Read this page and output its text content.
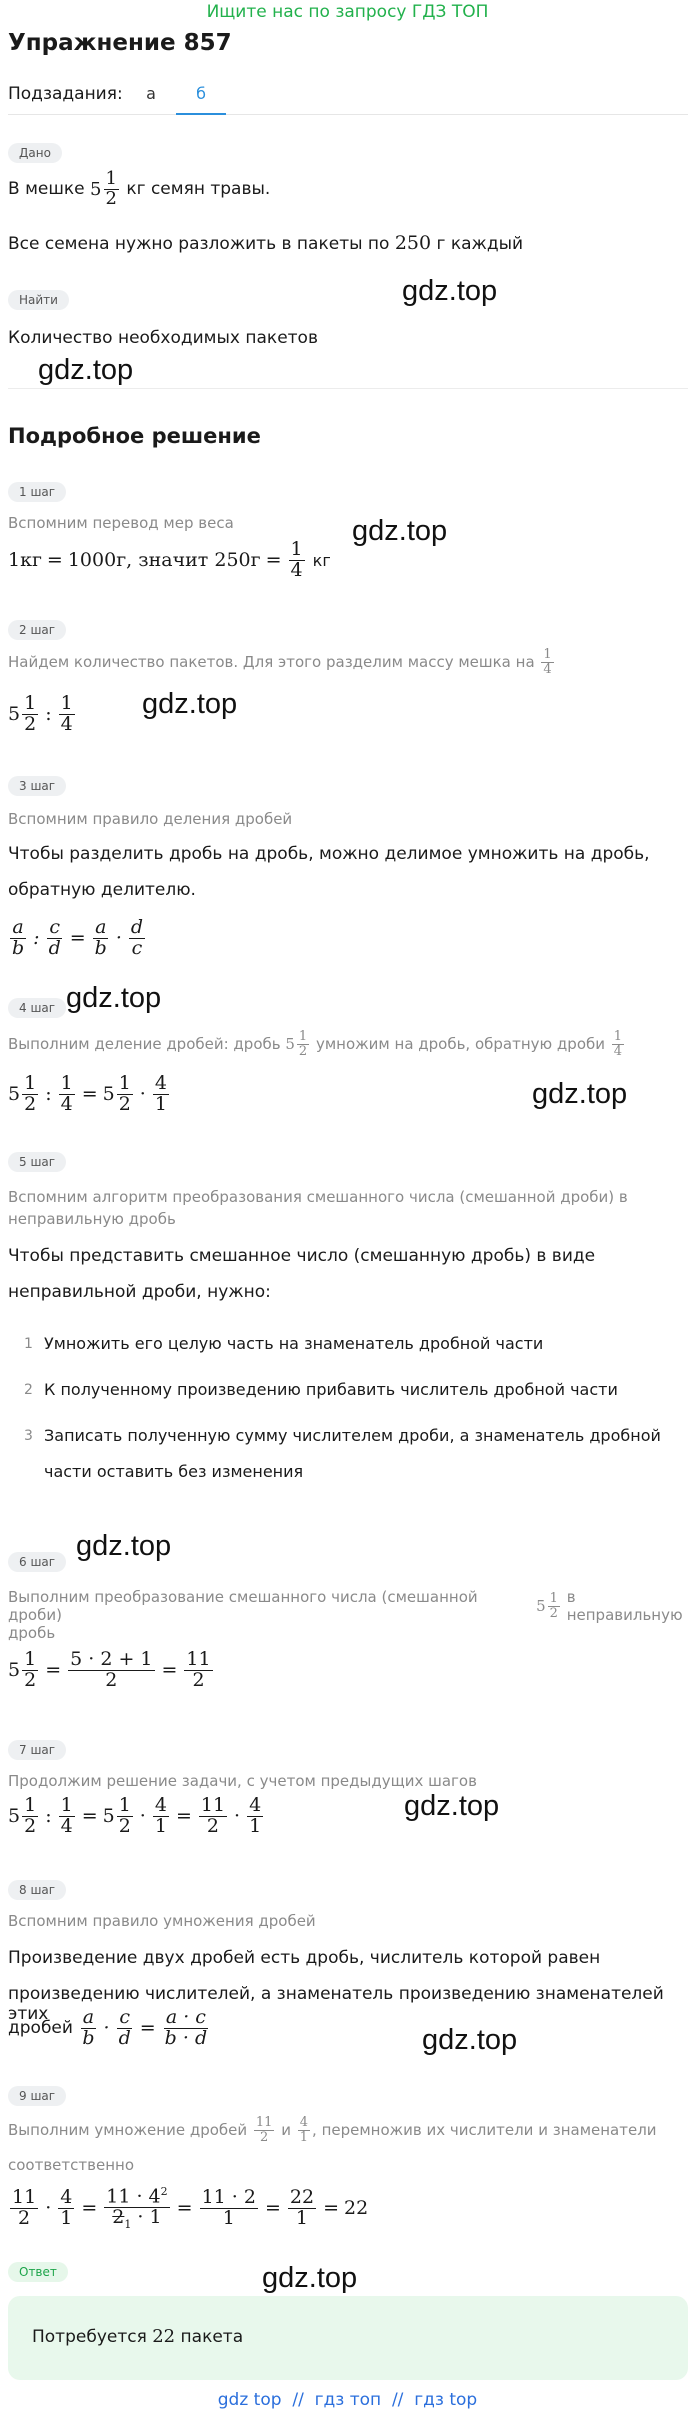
Ищите нас по запросу ГДЗ ТОП
Упражнение 857
Подзадания:	а	б
Дано
В мешке
$5 \frac{1}{2}$
кг семян травы.
Все семена нужно разложить в пакеты по 250 г каждый
Найти
Количество необходимых пакетов
gdz.top
gdz.top
Подробное решение
1 шаг
Вспомним перевод мер веса
1кг = 1000г, значит
$250г = \frac{1}{4}$
кг
gdz.top
2 шаг
Найдем количество пакетов. Для этого разделим массу мешка на
$\frac{1}{4}$
$5 \frac{1}{2}$ : $\frac{1}{4} gdz.top$
3 шаг
Вспомним правило деления дробей
Чтобы разделить дробь на дробь, можно делимое умножить на дробь,
обратную делителю.
$\frac{a}{b}$ : $\frac{c}{d} = \frac{a}{b} \cdot \frac{d}{c}$
gdz.top
4 шаг
Выполним деление дробей: дробь
$5 \frac{1}{2}$
умножим на дробь, обратную дроби
$\frac{1}{4}$
$5 \frac{1}{2}$ : $\frac{1}{4} = 5 \frac{1}{2} \cdot \frac{4}{1}$	gdz.top
5 шаг
Вспомним алгоритм преобразования смешанного числа (смешанной дроби) в
неправильную дробь
Чтобы представить смешанное число (смешанную дробь) в виде
неправильной дроби, нужно:
1 Умножить его целую часть на знаменатель дробной части
2 К полученному произведению прибавить числитель дробной части
3 Записать полученную сумму числителем дроби, а знаменатель дробной
части оставить без изменения
gdz.top
6 шаг
Выполним преобразование смешанного числа (смешанной дроби)
	$5 \frac{1}{2}$
в неправильную
дробь
$5 \frac{1}{2} = \frac{5 \cdot 2 + 1}{2} = \frac{11}{2}$
7 шаг
Продолжим решение задачи, с учетом предыдущих шагов
$5 \frac{1}{2}$ : $\frac{1}{4} = 5 \frac{1}{2} \cdot \frac{4}{1} = \frac{11}{2} \cdot \frac{4}{1}$	gdz.top
8 шаг
Вспомним правило умножения дробей
Произведение двух дробей есть дробь, числитель которой равен
произведению числителей, а знаменатель произведению знаменателей этих
дробей
$\frac{a}{b} \cdot \frac{c}{d} = \frac{a \cdot c}{b \cdot d}$	gdz.top
9 шаг
Выполним умножение дробей
$\frac{11}{2}$
и
$\frac{4}{1}$ , перемножив их числители и знаменатели
соответственно
$\frac{11}{2} \cdot \frac{4}{1} = \frac{11 \cdot 4^2}{2_1 \cdot 1} = \frac{11 \cdot 2}{1} = \frac{22}{1} = 22$
Ответ	gdz.top
Потребуется 22 пакета
gdz top  //  гдз топ  //  гдз top
